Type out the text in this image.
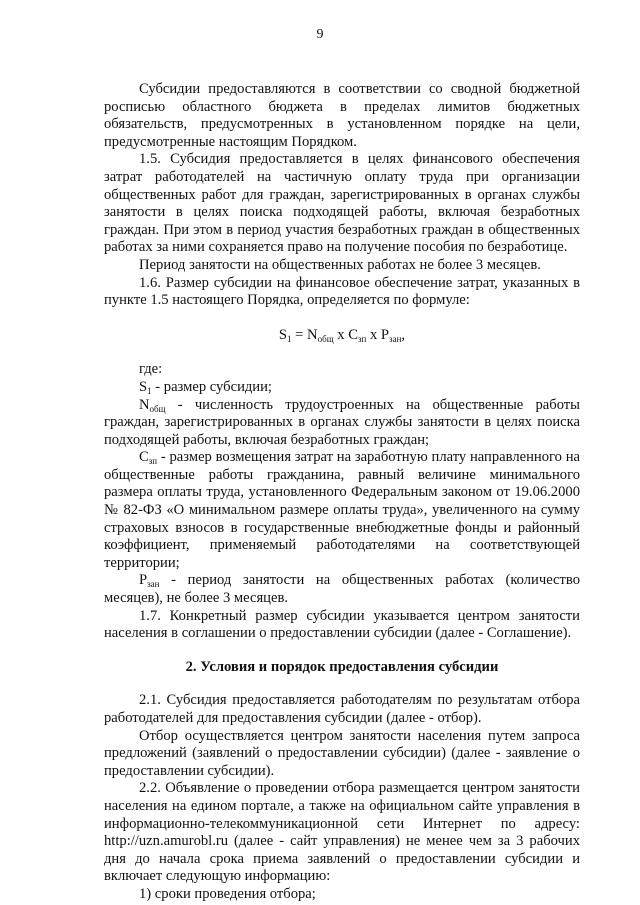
9

Субсидии предоставляются в соответствии со сводной бюджетной росписью областного бюджета в пределах лимитов бюджетных обязательств, предусмотренных в установленном порядке на цели, предусмотренные настоящим Порядком.

1.5. Субсидия предоставляется в целях финансового обеспечения затрат работодателей на частичную оплату труда при организации общественных работ для граждан, зарегистрированных в органах службы занятости в целях поиска подходящей работы, включая безработных граждан. При этом в период участия безработных граждан в общественных работах за ними сохраняется право на получение пособия по безработице.

Период занятости на общественных работах не более 3 месяцев.

1.6. Размер субсидии на финансовое обеспечение затрат, указанных в пункте 1.5 настоящего Порядка, определяется по формуле:

$S_1 = N_{общ}$ x $C_{зп}$ x $P_{зан}$,

где:

$S_1$ - размер субсидии;

$N_{общ}$ - численность трудоустроенных на общественные работы граждан, зарегистрированных в органах службы занятости в целях поиска подходящей работы, включая безработных граждан;

$C_{зп}$ - размер возмещения затрат на заработную плату направленного на общественные работы гражданина, равный величине минимального размера оплаты труда, установленного Федеральным законом от 19.06.2000 № 82-ФЗ «О минимальном размере оплаты труда», увеличенного на сумму страховых взносов в государственные внебюджетные фонды и районный коэффициент, применяемый работодателями на соответствующей территории;

$P_{зан}$ - период занятости на общественных работах (количество месяцев), не более 3 месяцев.

1.7. Конкретный размер субсидии указывается центром занятости населения в соглашении о предоставлении субсидии (далее - Соглашение).

2. Условия и порядок предоставления субсидии

2.1. Субсидия предоставляется работодателям по результатам отбора работодателей для предоставления субсидии (далее - отбор).

Отбор осуществляется центром занятости населения путем запроса предложений (заявлений о предоставлении субсидии) (далее - заявление о предоставлении субсидии).

2.2. Объявление о проведении отбора размещается центром занятости населения на едином портале, а также на официальном сайте управления в информационно-телекоммуникационной сети Интернет по адресу: http://uzn.amurobl.ru (далее - сайт управления) не менее чем за 3 рабочих дня до начала срока приема заявлений о предоставлении субсидии и включает следующую информацию:

1) сроки проведения отбора;
